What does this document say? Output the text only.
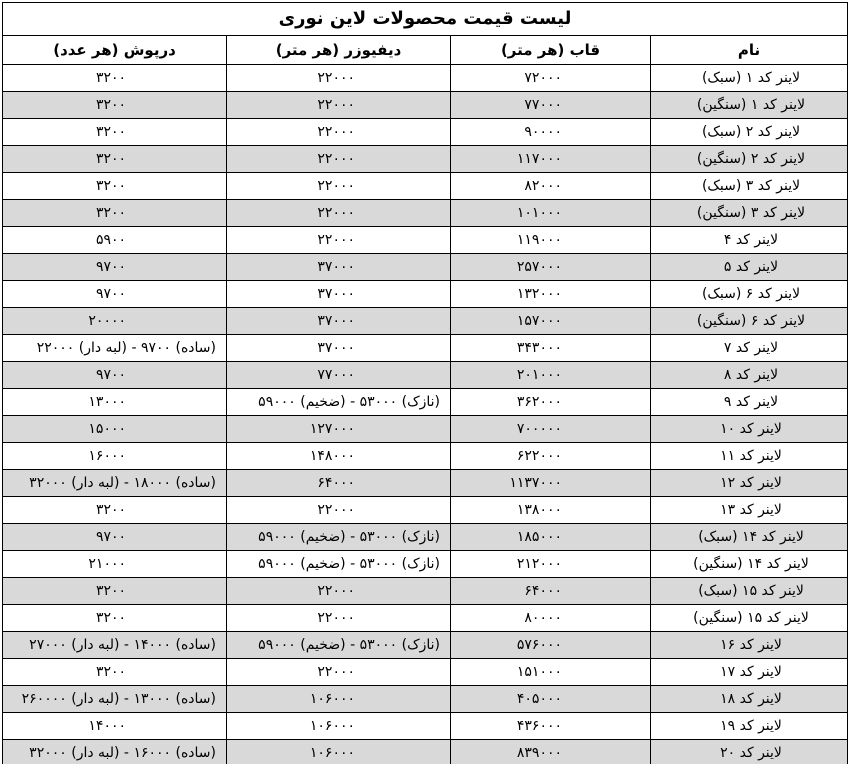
لیست قیمت محصولات لاین نوری			
نام	قاب (هر متر)	دیفیوزر (هر متر)	درپوش (هر عدد)
لاینر کد ۱ (سبک)	۷۲۰۰۰	۲۲۰۰۰	۳۲۰۰
لاینر کد ۱ (سنگین)	۷۷۰۰۰	۲۲۰۰۰	۳۲۰۰
لاینر کد ۲ (سبک)	۹۰۰۰۰	۲۲۰۰۰	۳۲۰۰
لاینر کد ۲ (سنگین)	۱۱۷۰۰۰	۲۲۰۰۰	۳۲۰۰
لاینر کد ۳ (سبک)	۸۲۰۰۰	۲۲۰۰۰	۳۲۰۰
لاینر کد ۳ (سنگین)	۱۰۱۰۰۰	۲۲۰۰۰	۳۲۰۰
لاینر کد ۴	۱۱۹۰۰۰	۲۲۰۰۰	۵۹۰۰
لاینر کد ۵	۲۵۷۰۰۰	۳۷۰۰۰	۹۷۰۰
لاینر کد ۶ (سبک)	۱۳۲۰۰۰	۳۷۰۰۰	۹۷۰۰
لاینر کد ۶ (سنگین)	۱۵۷۰۰۰	۳۷۰۰۰	۲۰۰۰۰
لاینر کد ۷	۳۴۳۰۰۰	۳۷۰۰۰	(ساده) ۹۷۰۰ - (لبه دار) ۲۲۰۰۰
لاینر کد ۸	۲۰۱۰۰۰	۷۷۰۰۰	۹۷۰۰
لاینر کد ۹	۳۶۲۰۰۰	(نازک) ۵۳۰۰۰ - (ضخیم) ۵۹۰۰۰	۱۳۰۰۰
لاینر کد ۱۰	۷۰۰۰۰۰	۱۲۷۰۰۰	۱۵۰۰۰
لاینر کد ۱۱	۶۲۲۰۰۰	۱۴۸۰۰۰	۱۶۰۰۰
لاینر کد ۱۲	۱۱۳۷۰۰۰	۶۴۰۰۰	(ساده) ۱۸۰۰۰ - (لبه دار) ۳۲۰۰۰
لاینر کد ۱۳	۱۳۸۰۰۰	۲۲۰۰۰	۳۲۰۰
لاینر کد ۱۴ (سبک)	۱۸۵۰۰۰	(نازک) ۵۳۰۰۰ - (ضخیم) ۵۹۰۰۰	۹۷۰۰
لاینر کد ۱۴ (سنگین)	۲۱۲۰۰۰	(نازک) ۵۳۰۰۰ - (ضخیم) ۵۹۰۰۰	۲۱۰۰۰
لاینر کد ۱۵ (سبک)	۶۴۰۰۰	۲۲۰۰۰	۳۲۰۰
لاینر کد ۱۵ (سنگین)	۸۰۰۰۰	۲۲۰۰۰	۳۲۰۰
لاینر کد ۱۶	۵۷۶۰۰۰	(نازک) ۵۳۰۰۰ - (ضخیم) ۵۹۰۰۰	(ساده) ۱۴۰۰۰ - (لبه دار) ۲۷۰۰۰
لاینر کد ۱۷	۱۵۱۰۰۰	۲۲۰۰۰	۳۲۰۰
لاینر کد ۱۸	۴۰۵۰۰۰	۱۰۶۰۰۰	(ساده) ۱۳۰۰۰ - (لبه دار) ۲۶۰۰۰۰
لاینر کد ۱۹	۴۳۶۰۰۰	۱۰۶۰۰۰	۱۴۰۰۰
لاینر کد ۲۰	۸۳۹۰۰۰	۱۰۶۰۰۰	(ساده) ۱۶۰۰۰ - (لبه دار) ۳۲۰۰۰
